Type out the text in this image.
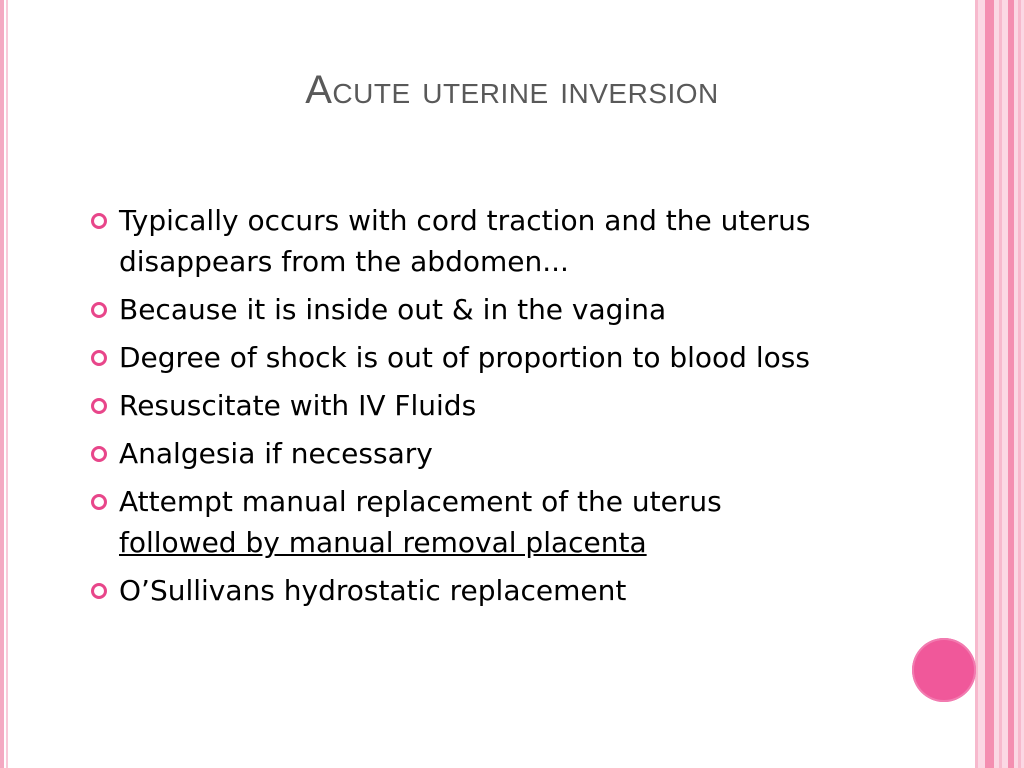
Acute uterine inversion
Typically occurs with cord traction and the uterus disappears from the abdomen...
Because it is inside out & in the vagina
Degree of shock is out of proportion to blood loss
Resuscitate with IV Fluids
Analgesia if necessary
Attempt manual replacement of the uterus
followed by manual removal placenta
O’Sullivans hydrostatic replacement
